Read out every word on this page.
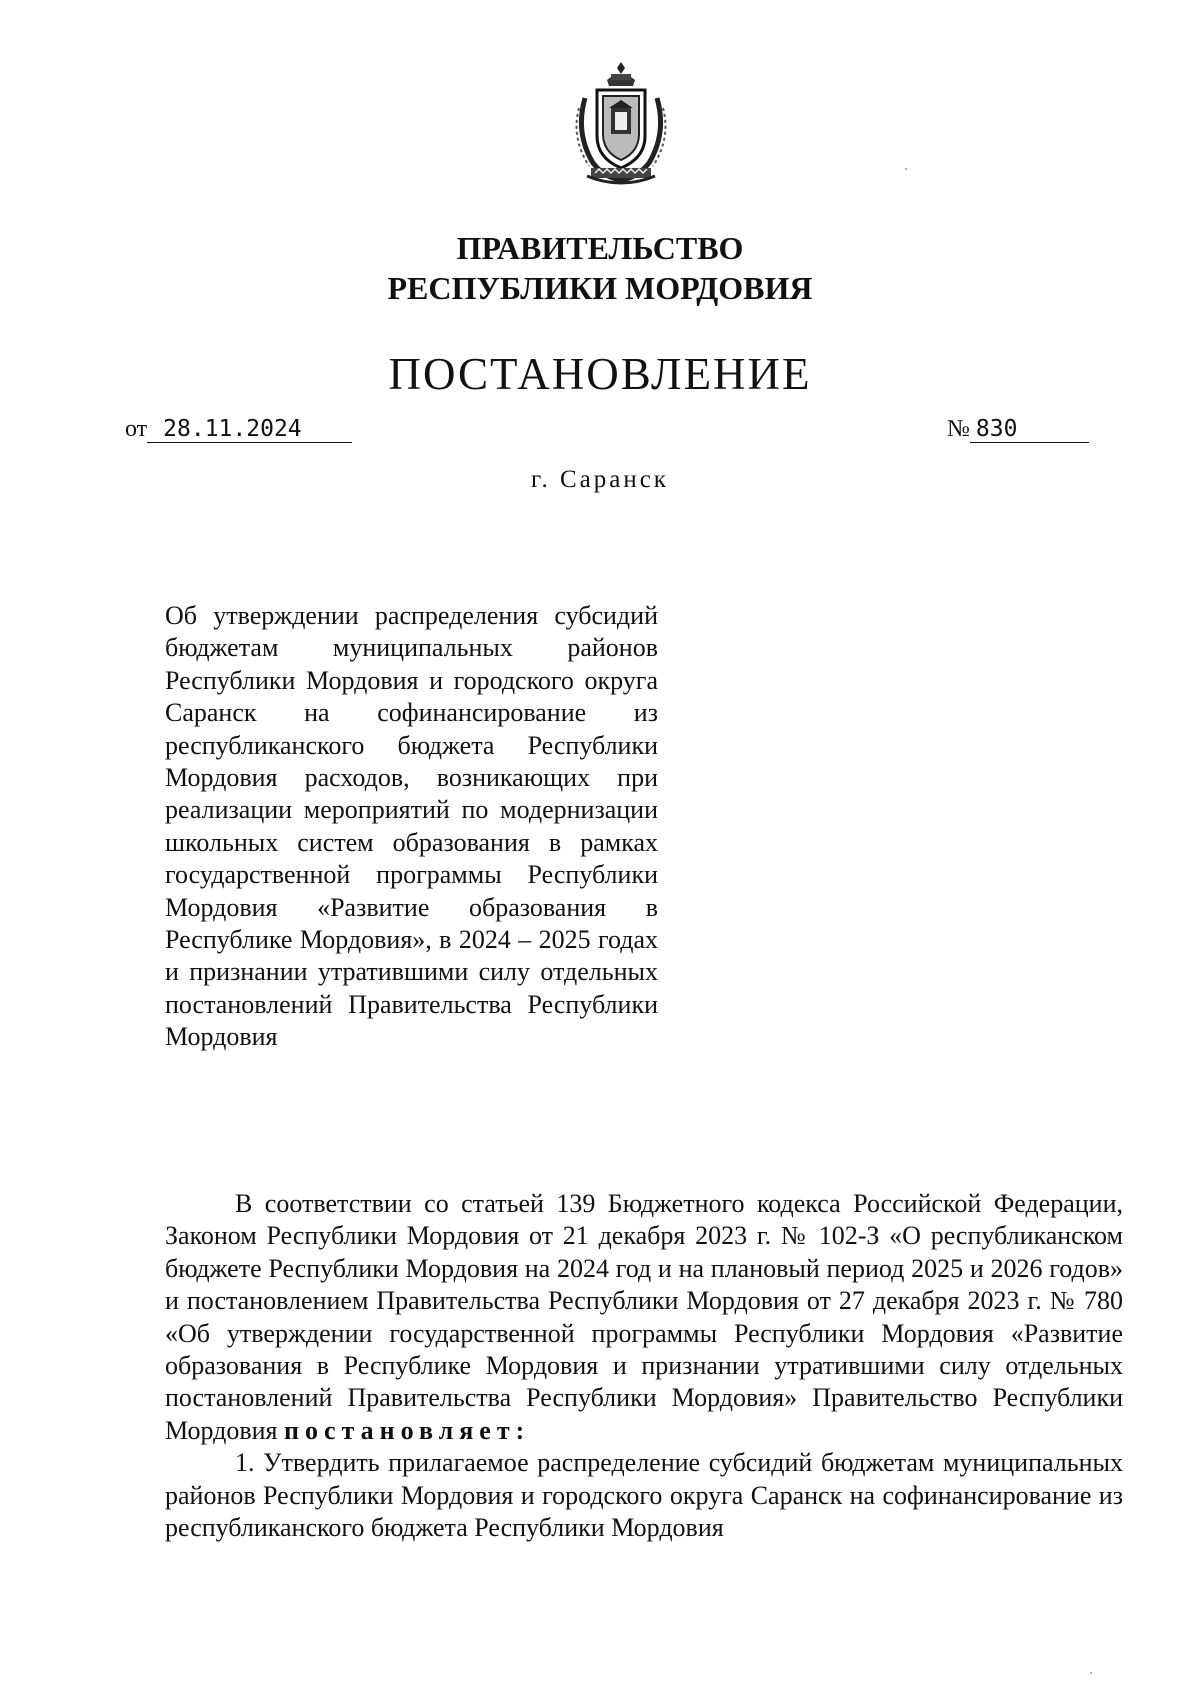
ПРАВИТЕЛЬСТВО
РЕСПУБЛИКИ МОРДОВИЯ
ПОСТАНОВЛЕНИЕ
от 28.11.2024	№ 830
г. Саранск
Об утверждении распределения субсидий бюджетам муниципальных районов Республики Мордовия и городского округа Саранск на софинансирование из республиканского бюджета Республики Мордовия расходов, возникающих при реализации мероприятий по модернизации школьных систем образования в рамках государственной программы Республики Мордовия «Развитие образования в Республике Мордовия», в 2024 – 2025 годах и признании утратившими силу отдельных постановлений Правительства Республики Мордовия

В соответствии со статьей 139 Бюджетного кодекса Российской Федерации, Законом Республики Мордовия от 21 декабря 2023 г. № 102-З «О республиканском бюджете Республики Мордовия на 2024 год и на плановый период 2025 и 2026 годов» и постановлением Правительства Республики Мордовия от 27 декабря 2023 г. № 780 «Об утверждении государственной программы Республики Мордовия «Развитие образования в Республике Мордовия и признании утратившими силу отдельных постановлений Правительства Республики Мордовия» Правительство Республики Мордовия постановляет:

1. Утвердить прилагаемое распределение субсидий бюджетам муниципальных районов Республики Мордовия и городского округа Саранск на софинансирование из республиканского бюджета Республики Мордовия
